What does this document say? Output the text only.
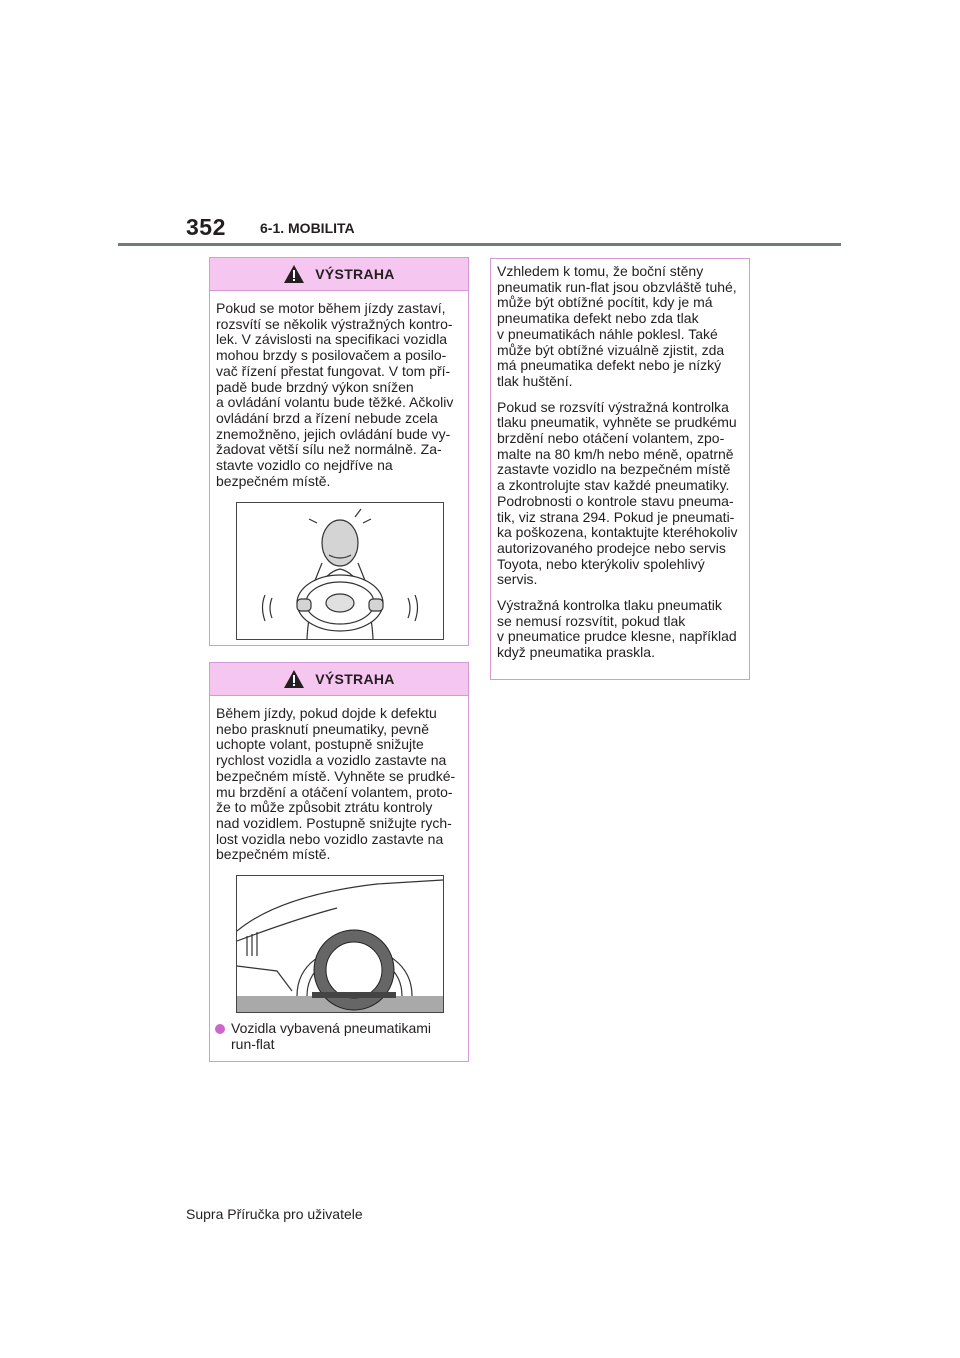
352 6-1. MOBILITA
VÝSTRAHA

Pokud se motor během jízdy zastaví,
rozsvítí se několik výstražných kontro-
lek. V závislosti na specifikaci vozidla
mohou brzdy s posilovačem a posilo-
vač řízení přestat fungovat. V tom pří-
padě bude brzdný výkon snížen
a ovládání volantu bude těžké. Ačkoliv
ovládání brzd a řízení nebude zcela
znemožněno, jejich ovládání bude vy-
žadovat větší sílu než normálně. Za-
stavte vozidlo co nejdříve na
bezpečném místě.

VÝSTRAHA

Během jízdy, pokud dojde k defektu
nebo prasknutí pneumatiky, pevně
uchopte volant, postupně snižujte
rychlost vozidla a vozidlo zastavte na
bezpečném místě. Vyhněte se prudké-
mu brzdění a otáčení volantem, proto-
že to může způsobit ztrátu kontroly
nad vozidlem. Postupně snižujte rych-
lost vozidla nebo vozidlo zastavte na
bezpečném místě.

Vozidla vybavená pneumatikami
run-flat

Vzhledem k tomu, že boční stěny
pneumatik run-flat jsou obzvláště tuhé,
může být obtížné pocítit, kdy je má
pneumatika defekt nebo zda tlak
v pneumatikách náhle poklesl. Také
může být obtížné vizuálně zjistit, zda
má pneumatika defekt nebo je nízký
tlak huštění.

Pokud se rozsvítí výstražná kontrolka
tlaku pneumatik, vyhněte se prudkému
brzdění nebo otáčení volantem, zpo-
malte na 80 km/h nebo méně, opatrně
zastavte vozidlo na bezpečném místě
a zkontrolujte stav každé pneumatiky.
Podrobnosti o kontrole stavu pneuma-
tik, viz strana 294. Pokud je pneumati-
ka poškozena, kontaktujte kteréhokoliv
autorizovaného prodejce nebo servis
Toyota, nebo kterýkoliv spolehlivý
servis.

Výstražná kontrolka tlaku pneumatik
se nemusí rozsvítit, pokud tlak
v pneumatice prudce klesne, například
když pneumatika praskla.

Supra Příručka pro uživatele
